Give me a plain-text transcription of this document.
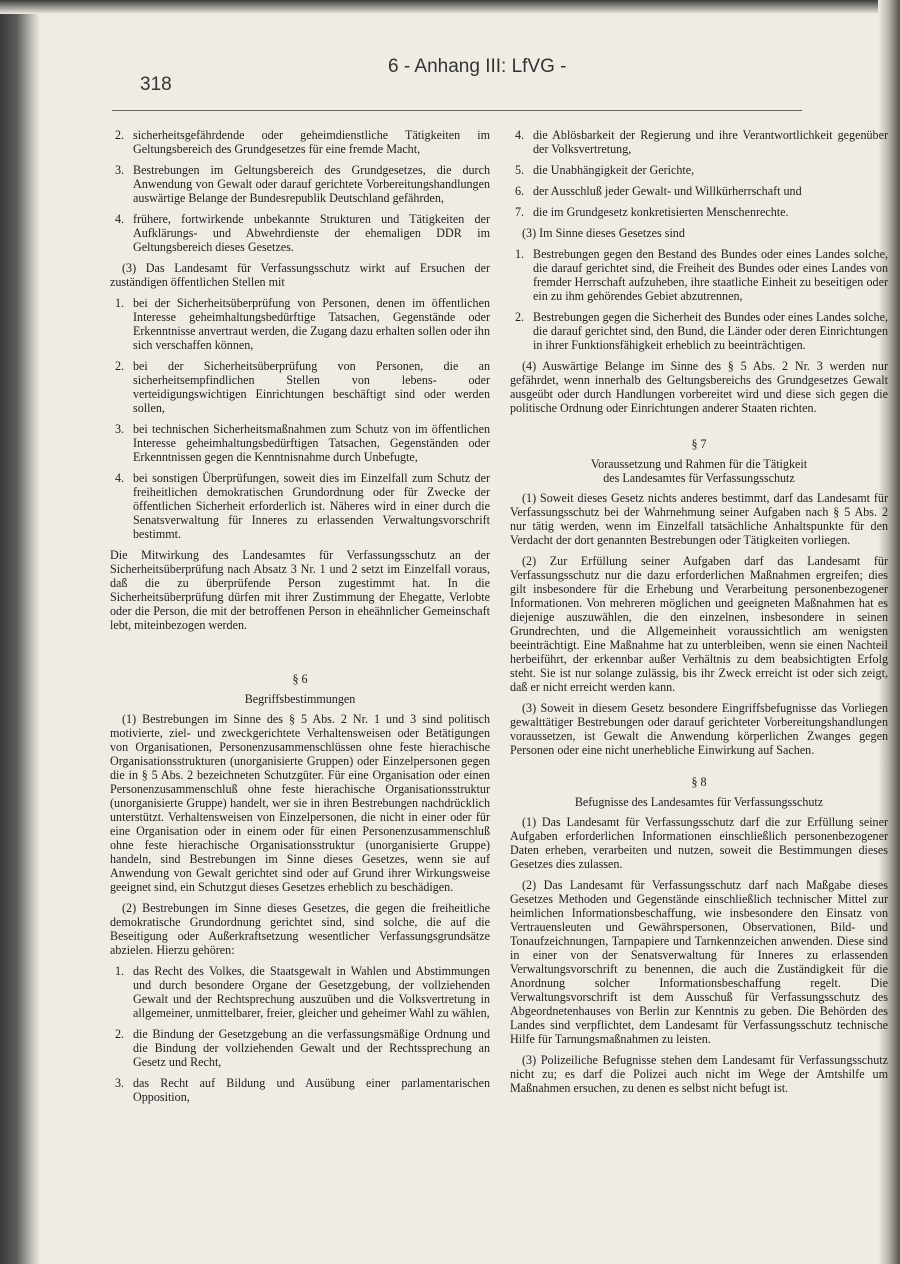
318
6 - Anhang III: LfVG -
2. sicherheitsgefährdende oder geheimdienstliche Tätigkeiten im Geltungsbereich des Grundgesetzes für eine fremde Macht,
3. Bestrebungen im Geltungsbereich des Grundgesetzes, die durch Anwendung von Gewalt oder darauf gerichtete Vorbereitungshandlungen auswärtige Belange der Bundesrepublik Deutschland gefährden,
4. frühere, fortwirkende unbekannte Strukturen und Tätigkeiten der Aufklärungs- und Abwehrdienste der ehemaligen DDR im Geltungsbereich dieses Gesetzes.

(3) Das Landesamt für Verfassungsschutz wirkt auf Ersuchen der zuständigen öffentlichen Stellen mit

1. bei der Sicherheitsüberprüfung von Personen, denen im öffentlichen Interesse geheimhaltungsbedürftige Tatsachen, Gegenstände oder Erkenntnisse anvertraut werden, die Zugang dazu erhalten sollen oder ihn sich verschaffen können,
2. bei der Sicherheitsüberprüfung von Personen, die an sicherheitsempfindlichen Stellen von lebens- oder verteidigungswichtigen Einrichtungen beschäftigt sind oder werden sollen,
3. bei technischen Sicherheitsmaßnahmen zum Schutz von im öffentlichen Interesse geheimhaltungsbedürftigen Tatsachen, Gegenständen oder Erkenntnissen gegen die Kenntnisnahme durch Unbefugte,
4. bei sonstigen Überprüfungen, soweit dies im Einzelfall zum Schutz der freiheitlichen demokratischen Grundordnung oder für Zwecke der öffentlichen Sicherheit erforderlich ist. Näheres wird in einer durch die Senatsverwaltung für Inneres zu erlassenden Verwaltungsvorschrift bestimmt.

Die Mitwirkung des Landesamtes für Verfassungsschutz an der Sicherheitsüberprüfung nach Absatz 3 Nr. 1 und 2 setzt im Einzelfall voraus, daß die zu überprüfende Person zugestimmt hat. In die Sicherheitsüberprüfung dürfen mit ihrer Zustimmung der Ehegatte, Verlobte oder die Person, die mit der betroffenen Person in eheähnlicher Gemeinschaft lebt, miteinbezogen werden.

§ 6
Begriffsbestimmungen

(1) Bestrebungen im Sinne des § 5 Abs. 2 Nr. 1 und 3 sind politisch motivierte, ziel- und zweckgerichtete Verhaltensweisen oder Betätigungen von Organisationen, Personenzusammenschlüssen ohne feste hierachische Organisationsstrukturen (unorganisierte Gruppen) oder Einzelpersonen gegen die in § 5 Abs. 2 bezeichneten Schutzgüter. Für eine Organisation oder einen Personenzusammenschluß ohne feste hierachische Organisationsstruktur (unorganisierte Gruppe) handelt, wer sie in ihren Bestrebungen nachdrücklich unterstützt. Verhaltensweisen von Einzelpersonen, die nicht in einer oder für eine Organisation oder in einem oder für einen Personenzusammenschluß ohne feste hierachische Organisationsstruktur (unorganisierte Gruppe) handeln, sind Bestrebungen im Sinne dieses Gesetzes, wenn sie auf Anwendung von Gewalt gerichtet sind oder auf Grund ihrer Wirkungsweise geeignet sind, ein Schutzgut dieses Gesetzes erheblich zu beschädigen.

(2) Bestrebungen im Sinne dieses Gesetzes, die gegen die freiheitliche demokratische Grundordnung gerichtet sind, sind solche, die auf die Beseitigung oder Außerkraftsetzung wesentlicher Verfassungsgrundsätze abzielen. Hierzu gehören:

1. das Recht des Volkes, die Staatsgewalt in Wahlen und Abstimmungen und durch besondere Organe der Gesetzgebung, der vollziehenden Gewalt und der Rechtsprechung auszuüben und die Volksvertretung in allgemeiner, unmittelbarer, freier, gleicher und geheimer Wahl zu wählen,
2. die Bindung der Gesetzgebung an die verfassungsmäßige Ordnung und die Bindung der vollziehenden Gewalt und der Rechtssprechung an Gesetz und Recht,
3. das Recht auf Bildung und Ausübung einer parlamentarischen Opposition,
4. die Ablösbarkeit der Regierung und ihre Verantwortlichkeit gegenüber der Volksvertretung,
5. die Unabhängigkeit der Gerichte,
6. der Ausschluß jeder Gewalt- und Willkürherrschaft und
7. die im Grundgesetz konkretisierten Menschenrechte.

(3) Im Sinne dieses Gesetzes sind

1. Bestrebungen gegen den Bestand des Bundes oder eines Landes solche, die darauf gerichtet sind, die Freiheit des Bundes oder eines Landes von fremder Herrschaft aufzuheben, ihre staatliche Einheit zu beseitigen oder ein zu ihm gehörendes Gebiet abzutrennen,
2. Bestrebungen gegen die Sicherheit des Bundes oder eines Landes solche, die darauf gerichtet sind, den Bund, die Länder oder deren Einrichtungen in ihrer Funktionsfähigkeit erheblich zu beeinträchtigen.

(4) Auswärtige Belange im Sinne des § 5 Abs. 2 Nr. 3 werden nur gefährdet, wenn innerhalb des Geltungsbereichs des Grundgesetzes Gewalt ausgeübt oder durch Handlungen vorbereitet wird und diese sich gegen die politische Ordnung oder Einrichtungen anderer Staaten richten.

§ 7
Voraussetzung und Rahmen für die Tätigkeit
des Landesamtes für Verfassungsschutz

(1) Soweit dieses Gesetz nichts anderes bestimmt, darf das Landesamt für Verfassungsschutz bei der Wahrnehmung seiner Aufgaben nach § 5 Abs. 2 nur tätig werden, wenn im Einzelfall tatsächliche Anhaltspunkte für den Verdacht der dort genannten Bestrebungen oder Tätigkeiten vorliegen.

(2) Zur Erfüllung seiner Aufgaben darf das Landesamt für Verfassungsschutz nur die dazu erforderlichen Maßnahmen ergreifen; dies gilt insbesondere für die Erhebung und Verarbeitung personenbezogener Informationen. Von mehreren möglichen und geeigneten Maßnahmen hat es diejenige auszuwählen, die den einzelnen, insbesondere in seinen Grundrechten, und die Allgemeinheit voraussichtlich am wenigsten beeinträchtigt. Eine Maßnahme hat zu unterbleiben, wenn sie einen Nachteil herbeiführt, der erkennbar außer Verhältnis zu dem beabsichtigten Erfolg steht. Sie ist nur solange zulässig, bis ihr Zweck erreicht ist oder sich zeigt, daß er nicht erreicht werden kann.

(3) Soweit in diesem Gesetz besondere Eingriffsbefugnisse das Vorliegen gewalttätiger Bestrebungen oder darauf gerichteter Vorbereitungshandlungen voraussetzen, ist Gewalt die Anwendung körperlichen Zwanges gegen Personen oder eine nicht unerhebliche Einwirkung auf Sachen.

§ 8
Befugnisse des Landesamtes für Verfassungsschutz

(1) Das Landesamt für Verfassungsschutz darf die zur Erfüllung seiner Aufgaben erforderlichen Informationen einschließlich personenbezogener Daten erheben, verarbeiten und nutzen, soweit die Bestimmungen dieses Gesetzes dies zulassen.

(2) Das Landesamt für Verfassungsschutz darf nach Maßgabe dieses Gesetzes Methoden und Gegenstände einschließlich technischer Mittel zur heimlichen Informationsbeschaffung, wie insbesondere den Einsatz von Vertrauensleuten und Gewährspersonen, Observationen, Bild- und Tonaufzeichnungen, Tarnpapiere und Tarnkennzeichen anwenden. Diese sind in einer von der Senatsverwaltung für Inneres zu erlassenden Verwaltungsvorschrift zu benennen, die auch die Zuständigkeit für die Anordnung solcher Informationsbeschaffung regelt. Die Verwaltungsvorschrift ist dem Ausschuß für Verfassungsschutz des Abgeordnetenhauses von Berlin zur Kenntnis zu geben. Die Behörden des Landes sind verpflichtet, dem Landesamt für Verfassungsschutz technische Hilfe für Tarnungsmaßnahmen zu leisten.

(3) Polizeiliche Befugnisse stehen dem Landesamt für Verfassungsschutz nicht zu; es darf die Polizei auch nicht im Wege der Amtshilfe um Maßnahmen ersuchen, zu denen es selbst nicht befugt ist.
